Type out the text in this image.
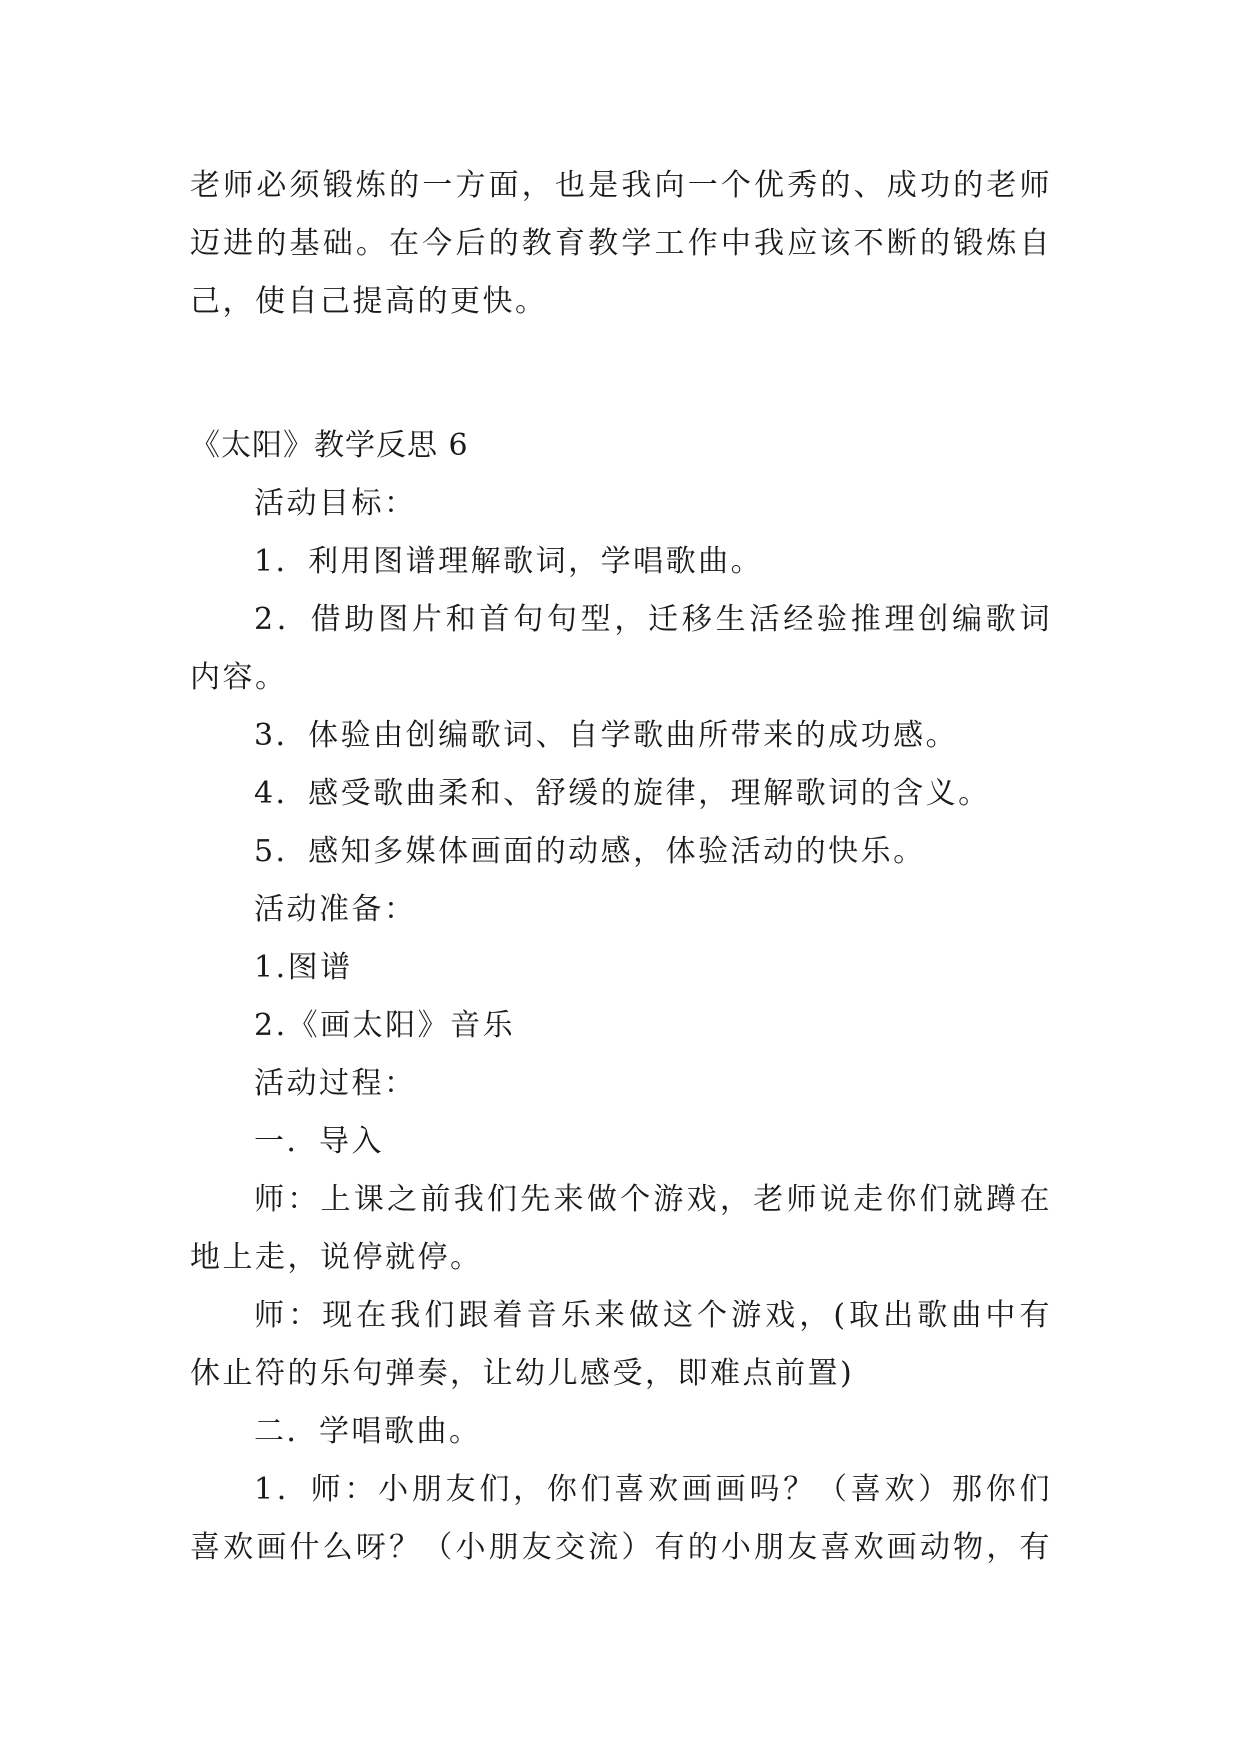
老师必须锻炼的一方面，也是我向一个优秀的、成功的老师
迈进的基础。在今后的教育教学工作中我应该不断的锻炼自
己，使自己提高的更快。
《太阳》教学反思 6
活动目标：
1．利用图谱理解歌词，学唱歌曲。
2．借助图片和首句句型，迁移生活经验推理创编歌词
内容。
3．体验由创编歌词、自学歌曲所带来的成功感。
4．感受歌曲柔和、舒缓的旋律，理解歌词的含义。
5．感知多媒体画面的动感，体验活动的快乐。
活动准备：
1.图谱
2.《画太阳》音乐
活动过程：
一．导入
师：上课之前我们先来做个游戏，老师说走你们就蹲在
地上走，说停就停。
师：现在我们跟着音乐来做这个游戏，(取出歌曲中有
休止符的乐句弹奏，让幼儿感受，即难点前置)
二．学唱歌曲。
1．师：小朋友们，你们喜欢画画吗？（喜欢）那你们
喜欢画什么呀？（小朋友交流）有的小朋友喜欢画动物，有
